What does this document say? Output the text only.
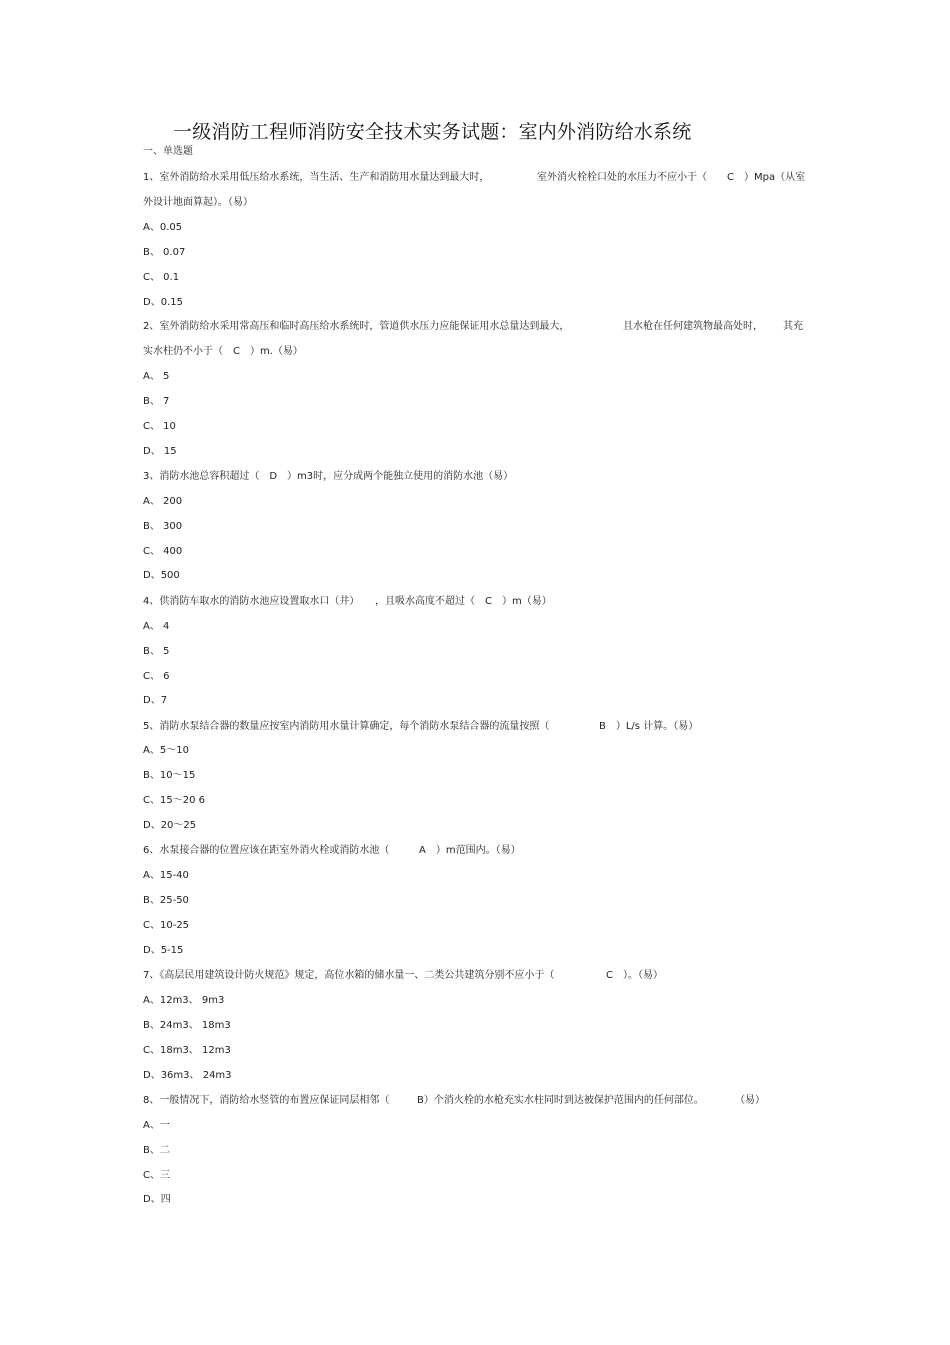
一级消防工程师消防安全技术实务试题：室内外消防给水系统
一、单选题
1、室外消防给水采用低压给水系统，当生活、生产和消防用水量达到最大时，	室外消火栓栓口处的水压力不应小于（　　C　）Mpa（从室
外设计地面算起）。（易）
A、0.05
B、 0.07
C、 0.1
D、0.15
2、室外消防给水采用常高压和临时高压给水系统时，管道供水压力应能保证用水总量达到最大，	且水枪在任何建筑物最高处时， 其充
实水柱仍不小于（　C　）m.（易）
A、 5
B、 7
C、 10
D、 15
3、消防水池总容积超过（　D　）m3时，应分成两个能独立使用的消防水池（易）
A、 200
B、 300
C、 400
D、500
4、供消防车取水的消防水池应设置取水口（井） ，且吸水高度不超过（　C　）m（易）
A、 4
B、 5
C、 6
D、7
5、消防水泵结合器的数量应按室内消防用水量计算确定，每个消防水泵结合器的流量按照（	B　）L/s 计算。（易）
A、5～10
B、10～15
C、15～20 6
D、20～25
6、水泵接合器的位置应该在距室外消火栓或消防水池（	A　）m范围内。（易）
A、15-40
B、25-50
C、10-25
D、5-15
7、《高层民用建筑设计防火规范》规定，高位水箱的储水量一、二类公共建筑分别不应小于（	C　）。（易）
A、12m3、 9m3
B、24m3、 18m3
C、18m3、 12m3
D、36m3、 24m3
8、一般情况下，消防给水竖管的布置应保证同层相邻（	B）个消火栓的水枪充实水柱同时到达被保护范围内的任何部位。	（易）
A、一
B、二
C、三
D、四
